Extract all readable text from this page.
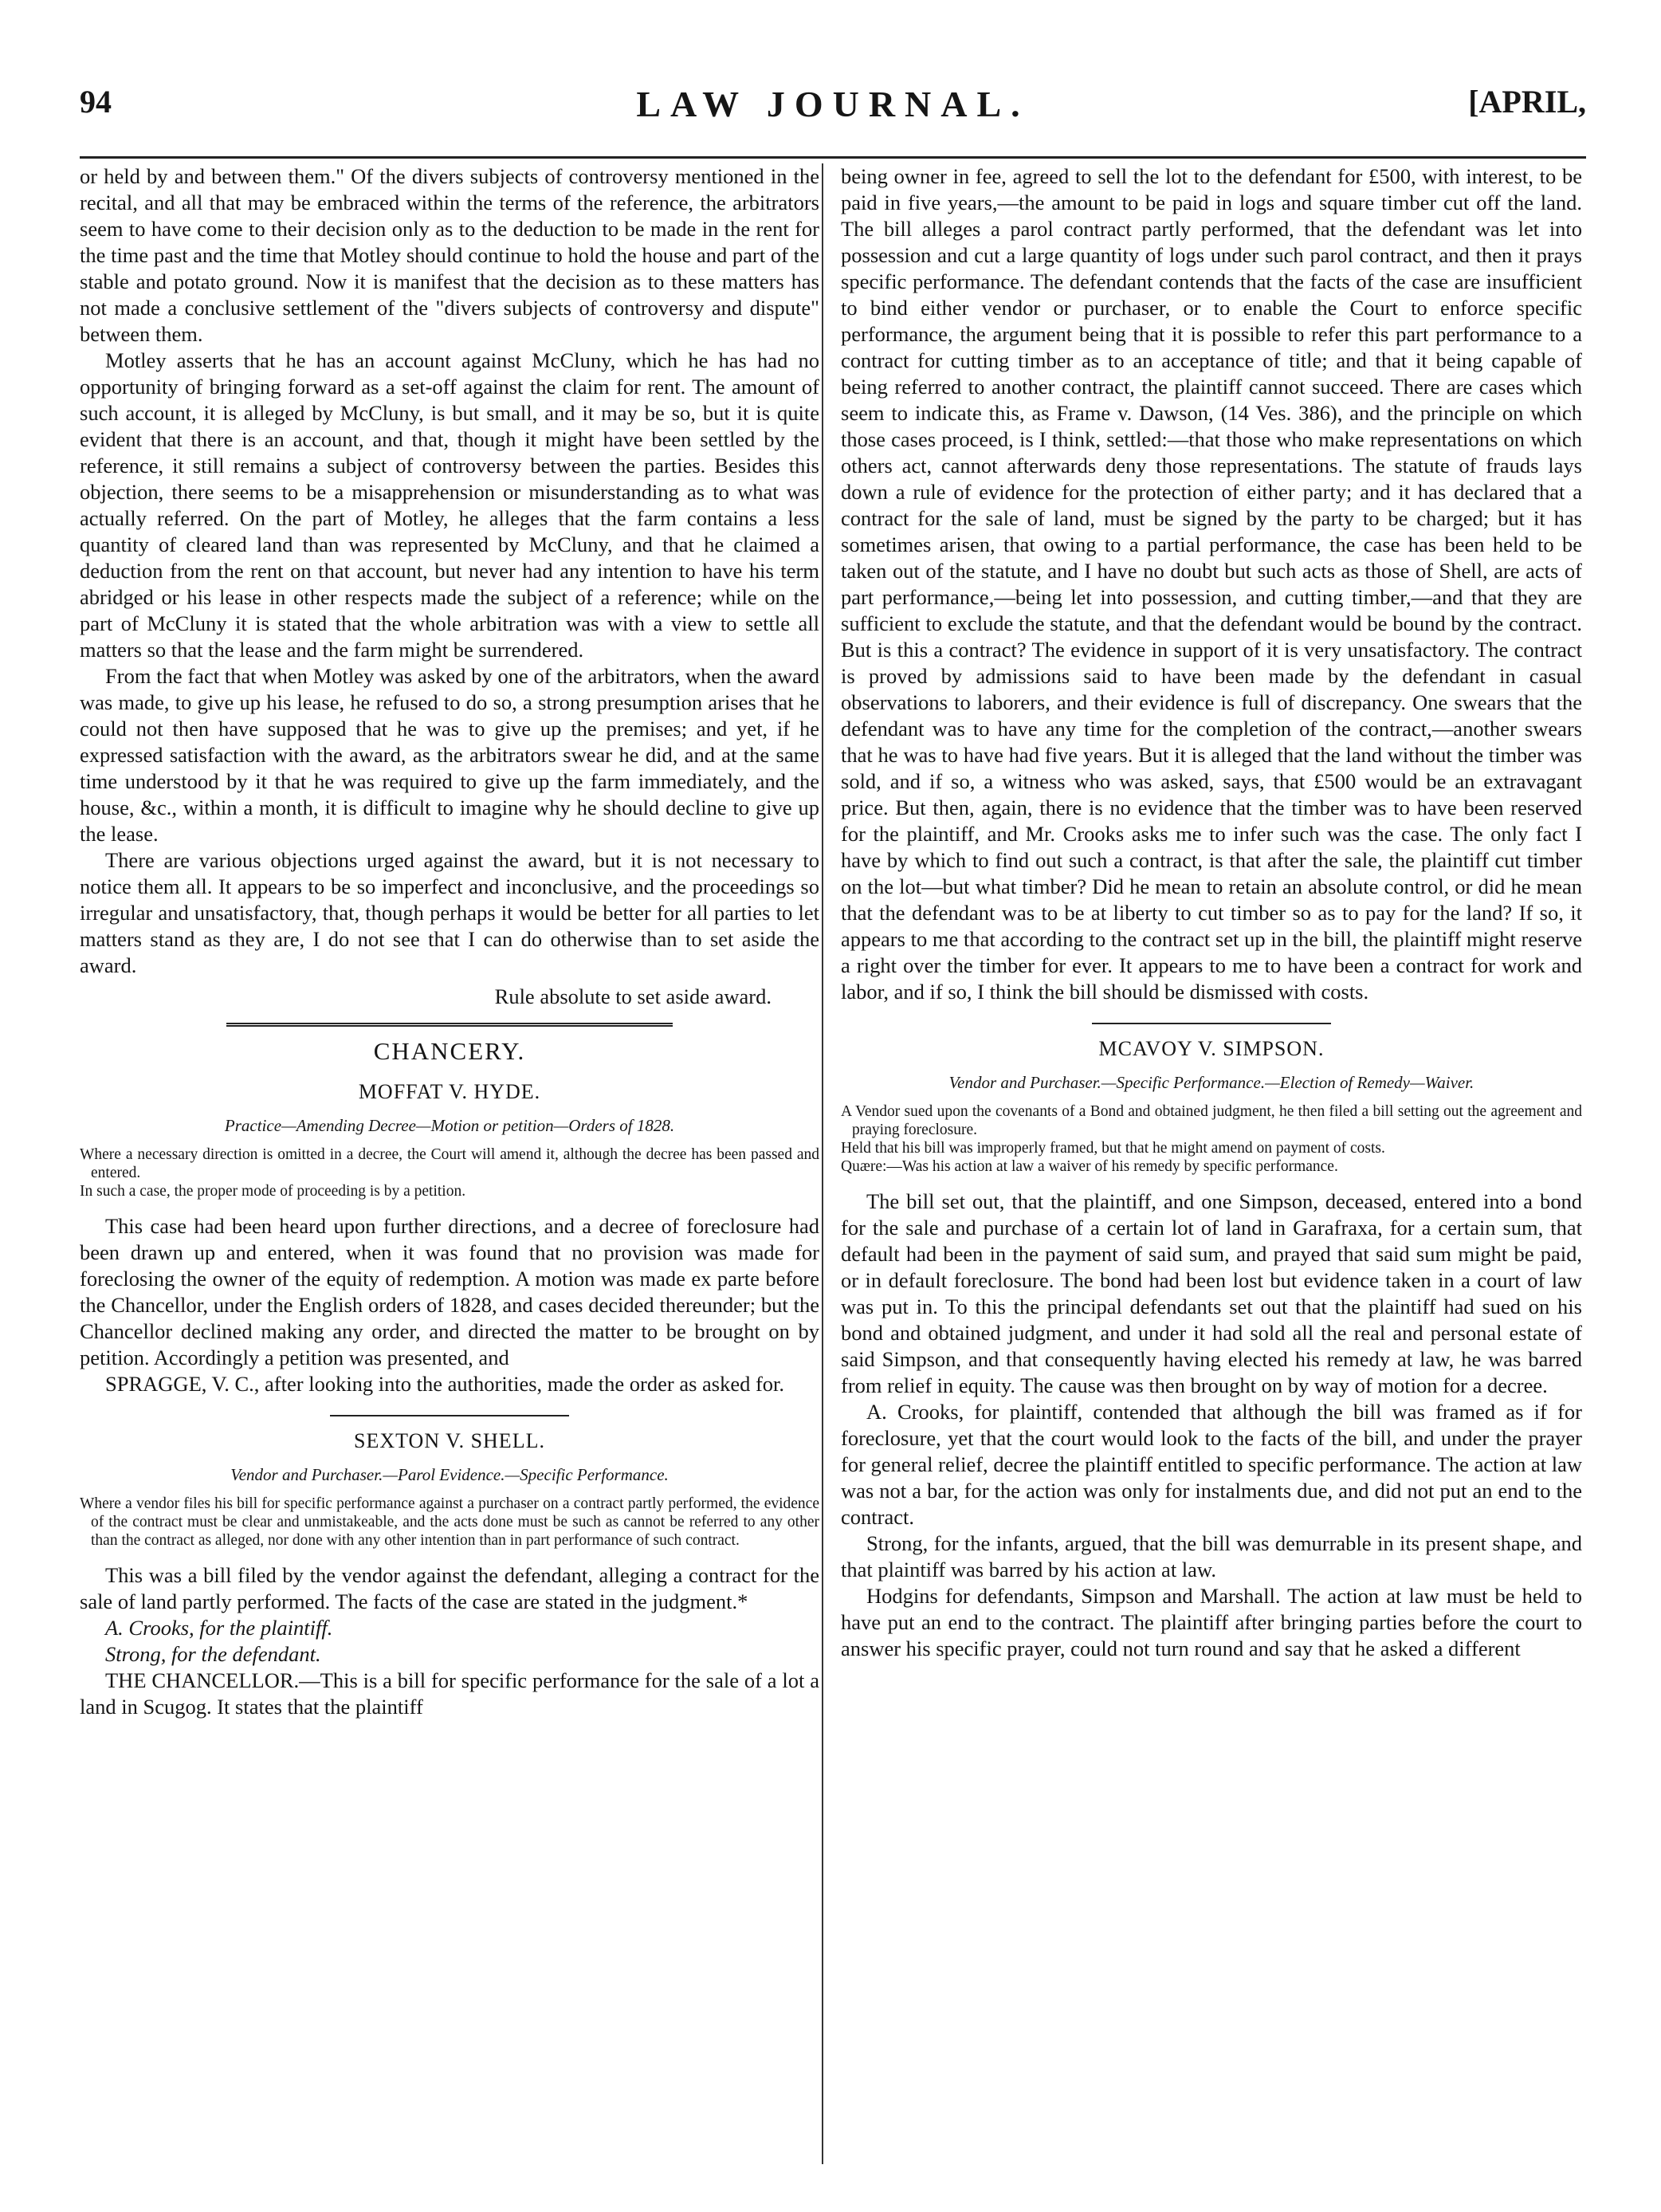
94	LAW JOURNAL.	[APRIL,

or held by and between them." Of the divers subjects of controversy mentioned in the recital, and all that may be embraced within the terms of the reference, the arbitrators seem to have come to their decision only as to the deduction to be made in the rent for the time past and the time that Motley should continue to hold the house and part of the stable and potato ground. Now it is manifest that the decision as to these matters has not made a conclusive settlement of the "divers subjects of controversy and dispute" between them.

Motley asserts that he has an account against McCluny, which he has had no opportunity of bringing forward as a set-off against the claim for rent. The amount of such account, it is alleged by McCluny, is but small, and it may be so, but it is quite evident that there is an account, and that, though it might have been settled by the reference, it still remains a subject of controversy between the parties. Besides this objection, there seems to be a misapprehension or misunderstanding as to what was actually referred. On the part of Motley, he alleges that the farm contains a less quantity of cleared land than was represented by McCluny, and that he claimed a deduction from the rent on that account, but never had any intention to have his term abridged or his lease in other respects made the subject of a reference; while on the part of McCluny it is stated that the whole arbitration was with a view to settle all matters so that the lease and the farm might be surrendered.

From the fact that when Motley was asked by one of the arbitrators, when the award was made, to give up his lease, he refused to do so, a strong presumption arises that he could not then have supposed that he was to give up the premises; and yet, if he expressed satisfaction with the award, as the arbitrators swear he did, and at the same time understood by it that he was required to give up the farm immediately, and the house, &c., within a month, it is difficult to imagine why he should decline to give up the lease.

There are various objections urged against the award, but it is not necessary to notice them all. It appears to be so imperfect and inconclusive, and the proceedings so irregular and unsatisfactory, that, though perhaps it would be better for all parties to let matters stand as they are, I do not see that I can do otherwise than to set aside the award.

Rule absolute to set aside award.
CHANCERY.
MOFFAT V. HYDE.
Practice—Amending Decree—Motion or petition—Orders of 1828.
Where a necessary direction is omitted in a decree, the Court will amend it, although the decree has been passed and entered.
In such a case, the proper mode of proceeding is by a petition.

This case had been heard upon further directions, and a decree of foreclosure had been drawn up and entered, when it was found that no provision was made for foreclosing the owner of the equity of redemption. A motion was made ex parte before the Chancellor, under the English orders of 1828, and cases decided thereunder; but the Chancellor declined making any order, and directed the matter to be brought on by petition. Accordingly a petition was presented, and

SPRAGGE, V. C., after looking into the authorities, made the order as asked for.

SEXTON V. SHELL.
Vendor and Purchaser.—Parol Evidence.—Specific Performance.
Where a vendor files his bill for specific performance against a purchaser on a contract partly performed, the evidence of the contract must be clear and unmistakeable, and the acts done must be such as cannot be referred to any other than the contract as alleged, nor done with any other intention than in part performance of such contract.

This was a bill filed by the vendor against the defendant, alleging a contract for the sale of land partly performed. The facts of the case are stated in the judgment.*

A. Crooks, for the plaintiff.

Strong, for the defendant.

THE CHANCELLOR.—This is a bill for specific performance for the sale of a lot a land in Scugog. It states that the plaintiff

being owner in fee, agreed to sell the lot to the defendant for £500, with interest, to be paid in five years,—the amount to be paid in logs and square timber cut off the land. The bill alleges a parol contract partly performed, that the defendant was let into possession and cut a large quantity of logs under such parol contract, and then it prays specific performance. The defendant contends that the facts of the case are insufficient to bind either vendor or purchaser, or to enable the Court to enforce specific performance, the argument being that it is possible to refer this part performance to a contract for cutting timber as to an acceptance of title; and that it being capable of being referred to another contract, the plaintiff cannot succeed. There are cases which seem to indicate this, as Frame v. Dawson, (14 Ves. 386), and the principle on which those cases proceed, is I think, settled:—that those who make representations on which others act, cannot afterwards deny those representations. The statute of frauds lays down a rule of evidence for the protection of either party; and it has declared that a contract for the sale of land, must be signed by the party to be charged; but it has sometimes arisen, that owing to a partial performance, the case has been held to be taken out of the statute, and I have no doubt but such acts as those of Shell, are acts of part performance,—being let into possession, and cutting timber,—and that they are sufficient to exclude the statute, and that the defendant would be bound by the contract. But is this a contract? The evidence in support of it is very unsatisfactory. The contract is proved by admissions said to have been made by the defendant in casual observations to laborers, and their evidence is full of discrepancy. One swears that the defendant was to have any time for the completion of the contract,—another swears that he was to have had five years. But it is alleged that the land without the timber was sold, and if so, a witness who was asked, says, that £500 would be an extravagant price. But then, again, there is no evidence that the timber was to have been reserved for the plaintiff, and Mr. Crooks asks me to infer such was the case. The only fact I have by which to find out such a contract, is that after the sale, the plaintiff cut timber on the lot—but what timber? Did he mean to retain an absolute control, or did he mean that the defendant was to be at liberty to cut timber so as to pay for the land? If so, it appears to me that according to the contract set up in the bill, the plaintiff might reserve a right over the timber for ever. It appears to me to have been a contract for work and labor, and if so, I think the bill should be dismissed with costs.

MCAVOY V. SIMPSON.
Vendor and Purchaser.—Specific Performance.—Election of Remedy—Waiver.
A Vendor sued upon the covenants of a Bond and obtained judgment, he then filed a bill setting out the agreement and praying foreclosure.
Held that his bill was improperly framed, but that he might amend on payment of costs.
Quære:—Was his action at law a waiver of his remedy by specific performance.

The bill set out, that the plaintiff, and one Simpson, deceased, entered into a bond for the sale and purchase of a certain lot of land in Garafraxa, for a certain sum, that default had been in the payment of said sum, and prayed that said sum might be paid, or in default foreclosure. The bond had been lost but evidence taken in a court of law was put in. To this the principal defendants set out that the plaintiff had sued on his bond and obtained judgment, and under it had sold all the real and personal estate of said Simpson, and that consequently having elected his remedy at law, he was barred from relief in equity. The cause was then brought on by way of motion for a decree.

A. Crooks, for plaintiff, contended that although the bill was framed as if for foreclosure, yet that the court would look to the facts of the bill, and under the prayer for general relief, decree the plaintiff entitled to specific performance. The action at law was not a bar, for the action was only for instalments due, and did not put an end to the contract.

Strong, for the infants, argued, that the bill was demurrable in its present shape, and that plaintiff was barred by his action at law.

Hodgins for defendants, Simpson and Marshall. The action at law must be held to have put an end to the contract. The plaintiff after bringing parties before the court to answer his specific prayer, could not turn round and say that he asked a different
